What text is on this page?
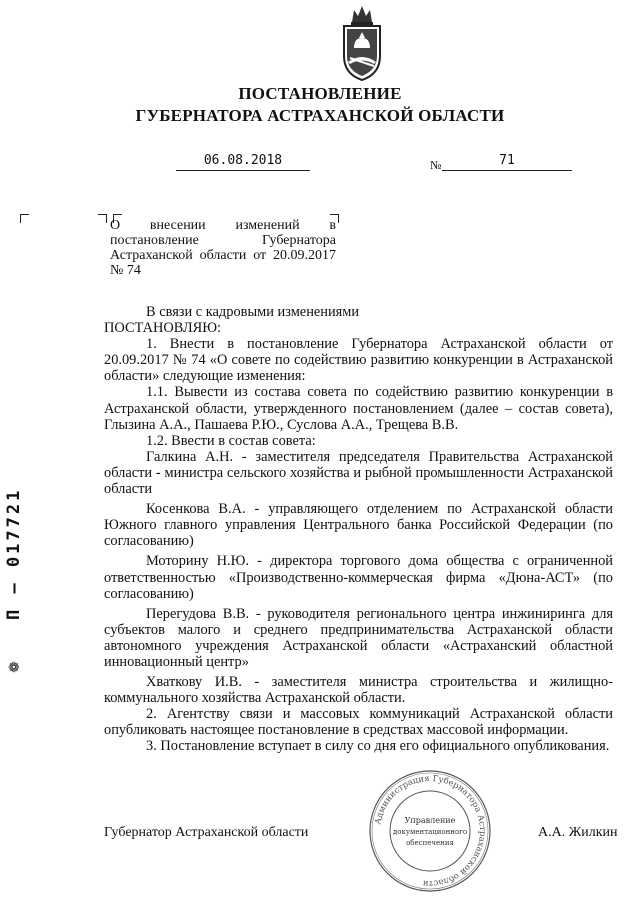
ПОСТАНОВЛЕНИЕ
ГУБЕРНАТОРА АСТРАХАНСКОЙ ОБЛАСТИ
06.08.2018	№	71
О внесении изменений в постановление Губернатора Астраханской области от 20.09.2017 № 74

В связи с кадровыми изменениями

ПОСТАНОВЛЯЮ:

1. Внести в постановление Губернатора Астраханской области от 20.09.2017 № 74 «О совете по содействию развитию конкуренции в Астраханской области» следующие изменения:

1.1. Вывести из состава совета по содействию развитию конкуренции в Астраханской области, утвержденного постановлением (далее – состав совета), Глызина А.А., Пашаева Р.Ю., Суслова А.А., Трещева В.В.

1.2. Ввести в состав совета:

Галкина А.Н. - заместителя председателя Правительства Астраханской области - министра сельского хозяйства и рыбной промышленности Астраханской области

Косенкова В.А. - управляющего отделением по Астраханской области Южного главного управления Центрального банка Российской Федерации (по согласованию)

Моторину Н.Ю. - директора торгового дома общества с ограниченной ответственностью «Производственно-коммерческая фирма «Дюна-АСТ» (по согласованию)

Перегудова В.В. - руководителя регионального центра инжиниринга для субъектов малого и среднего предпринимательства Астраханской области автономного учреждения Астраханской области «Астраханский областной инновационный центр»

Хваткову И.В. - заместителя министра строительства и жилищно-коммунального хозяйства Астраханской области.

2. Агентству связи и массовых коммуникаций Астраханской области опубликовать настоящее постановление в средствах массовой информации.

3. Постановление вступает в силу со дня его официального опубликования.

❁
П – 017721
Губернатор Астраханской области	А.А. Жилкин
Администрация Губернатора Астраханской области
Управление
документационного
обеспечения
